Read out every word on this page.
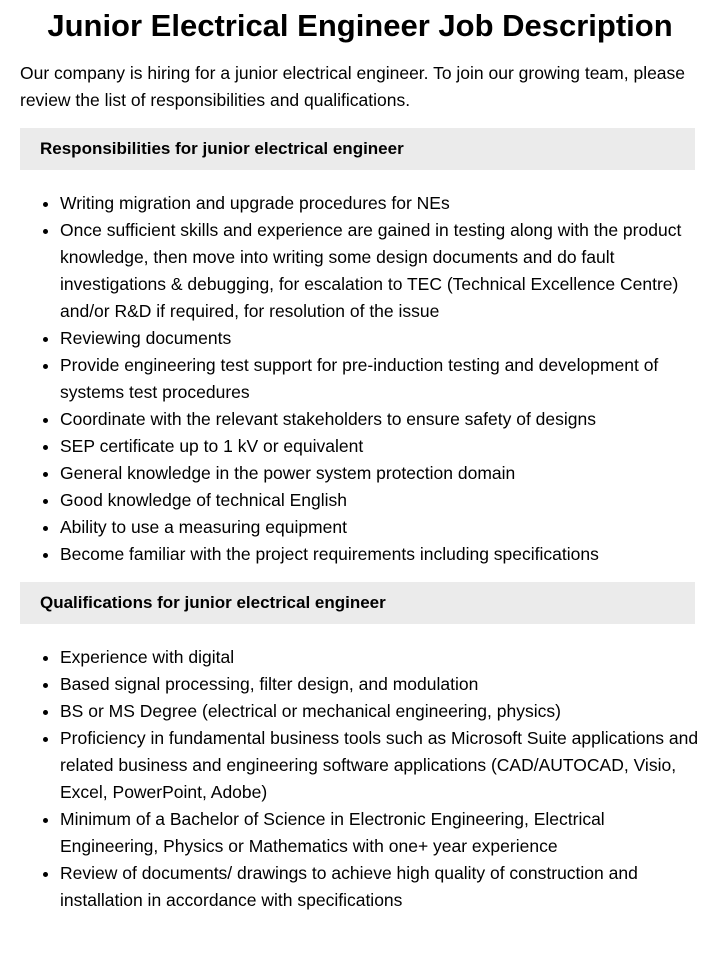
Junior Electrical Engineer Job Description

Our company is hiring for a junior electrical engineer. To join our growing team, please review the list of responsibilities and qualifications.

Responsibilities for junior electrical engineer
• Writing migration and upgrade procedures for NEs
• Once sufficient skills and experience are gained in testing along with the product knowledge, then move into writing some design documents and do fault investigations & debugging, for escalation to TEC (Technical Excellence Centre) and/or R&D if required, for resolution of the issue
• Reviewing documents
• Provide engineering test support for pre-induction testing and development of systems test procedures
• Coordinate with the relevant stakeholders to ensure safety of designs
• SEP certificate up to 1 kV or equivalent
• General knowledge in the power system protection domain
• Good knowledge of technical English
• Ability to use a measuring equipment
• Become familiar with the project requirements including specifications
Qualifications for junior electrical engineer
• Experience with digital
• Based signal processing, filter design, and modulation
• BS or MS Degree (electrical or mechanical engineering, physics)
• Proficiency in fundamental business tools such as Microsoft Suite applications and related business and engineering software applications (CAD/AUTOCAD, Visio, Excel, PowerPoint, Adobe)
• Minimum of a Bachelor of Science in Electronic Engineering, Electrical Engineering, Physics or Mathematics with one+ year experience
• Review of documents/ drawings to achieve high quality of construction and installation in accordance with specifications
